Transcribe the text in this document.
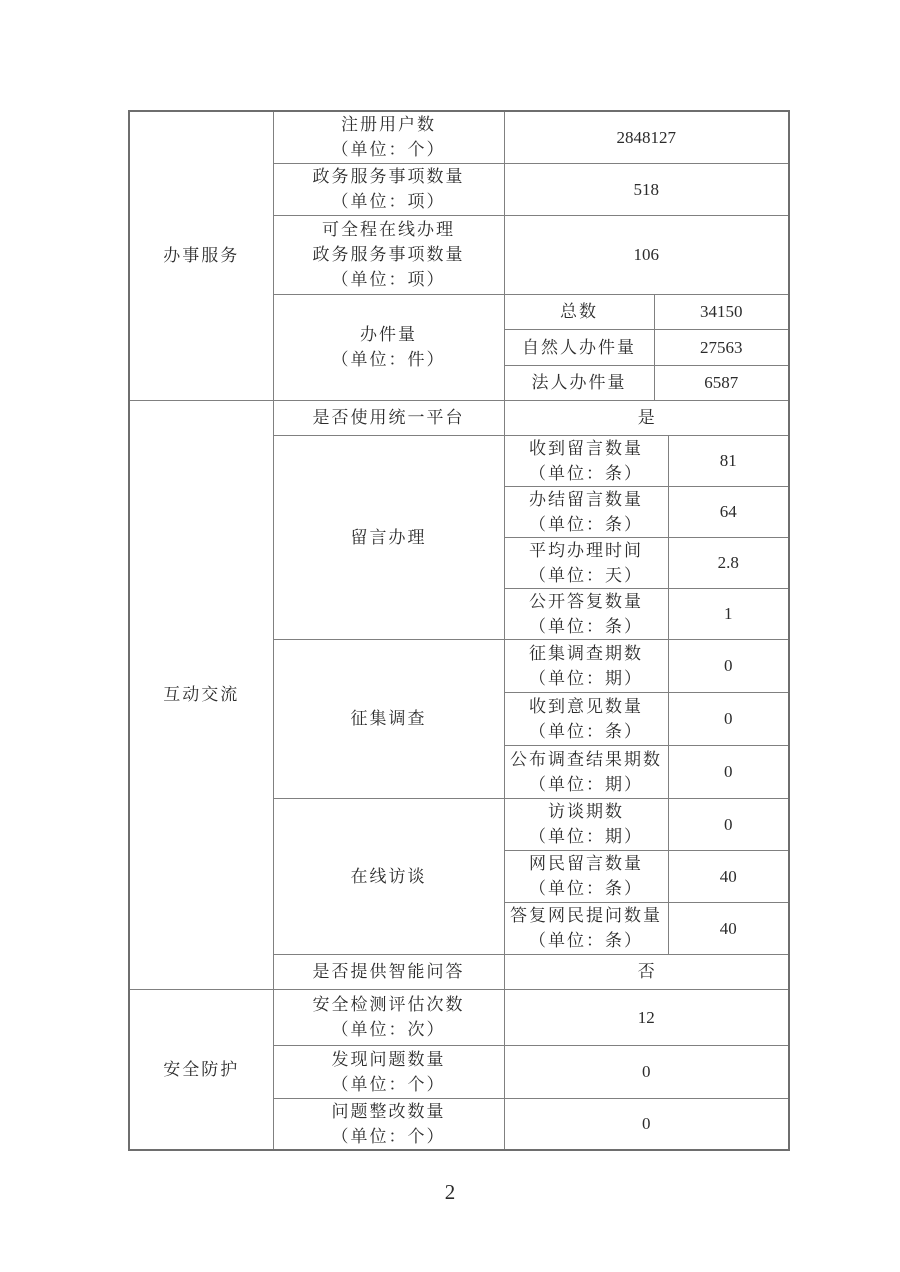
办事服务	注册用户数
（单位：个）	2848127		

	政务服务事项数量
（单位：项）	518		

	可全程在线办理
政务服务事项数量
（单位：项）	106		

	办件量
（单位：件）	总数	34150	
		自然人办件量	27563	
		法人办件量	6587	
互动交流	是否使用统一平台	是		
	留言办理	收到留言数量
（单位：条）		81

		办结留言数量
（单位：条）		64

		平均办理时间
（单位：天）		2.8

		公开答复数量
（单位：条）		1
	征集调查	征集调查期数
（单位：期）		0

		收到意见数量
（单位：条）		0

		公布调查结果期数
（单位：期）		0
	在线访谈	访谈期数
（单位：期）		0

		网民留言数量
（单位：条）		40

		答复网民提问数量
（单位：条）		40
	是否提供智能问答	否		
安全防护	安全检测评估次数
（单位：次）	12		

	发现问题数量
（单位：个）	0		

	问题整改数量
（单位：个）	0		
2
